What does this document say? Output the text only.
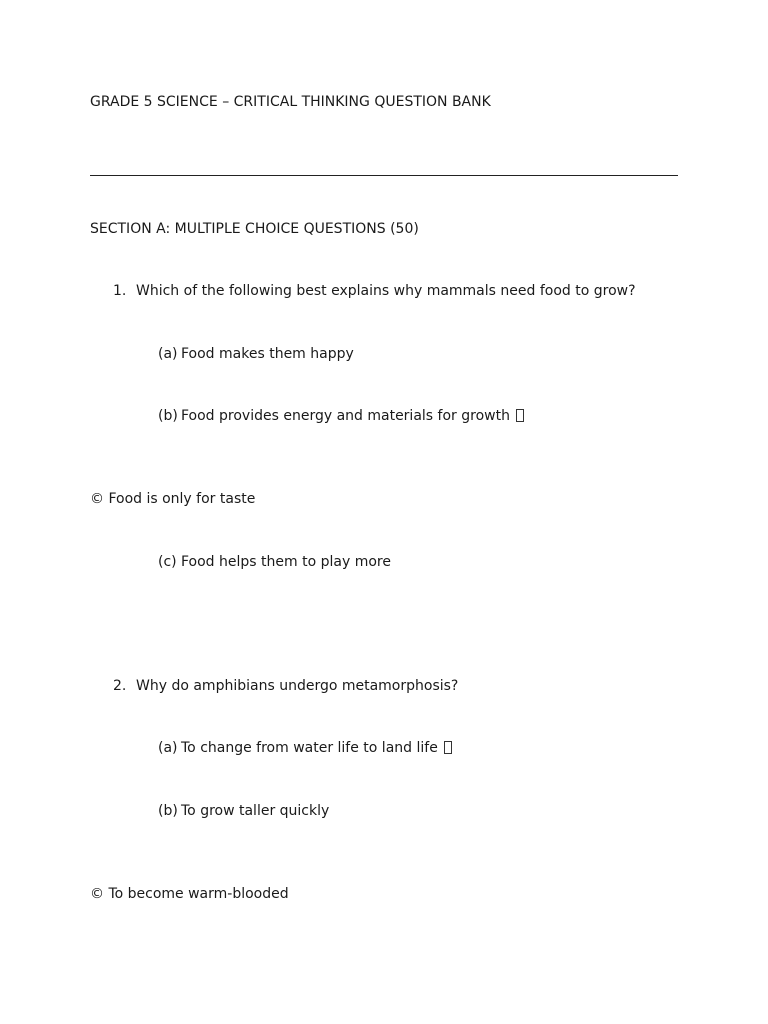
GRADE 5 SCIENCE – CRITICAL THINKING QUESTION BANK
SECTION A: MULTIPLE CHOICE QUESTIONS (50)
1. Which of the following best explains why mammals need food to grow?
(a) Food makes them happy
(b) Food provides energy and materials for growth
© Food is only for taste
(c) Food helps them to play more
2. Why do amphibians undergo metamorphosis?
(a) To change from water life to land life
(b) To grow taller quickly
© To become warm-blooded
